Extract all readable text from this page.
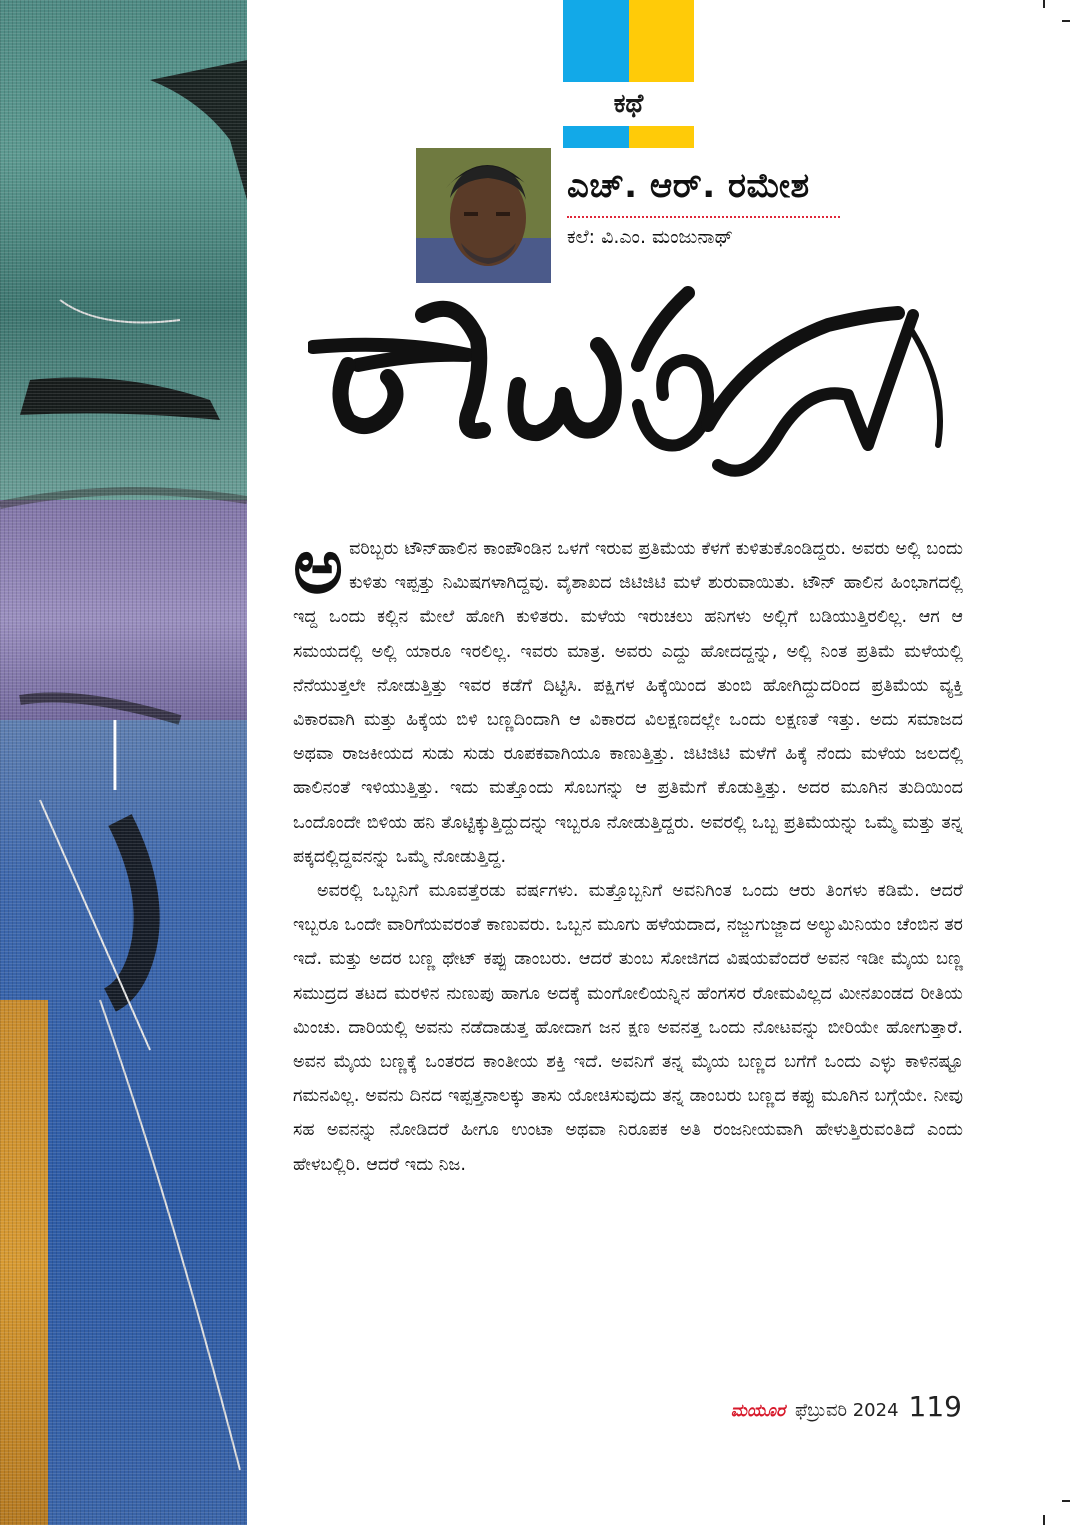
ಕಥೆ
ಎಚ್. ಆರ್. ರಮೇಶ
ಕಲೆ: ವಿ.ಎಂ. ಮಂಜುನಾಥ್

ಅವರಿಬ್ಬರು ಟೌನ್‌ಹಾಲಿನ ಕಾಂಪೌಂಡಿನ ಒಳಗೆ ಇರುವ ಪ್ರತಿಮೆಯ ಕೆಳಗೆ ಕುಳಿತುಕೊಂಡಿದ್ದರು. ಅವರು ಅಲ್ಲಿ ಬಂದು ಕುಳಿತು ಇಪ್ಪತ್ತು ನಿಮಿಷಗಳಾಗಿದ್ದವು. ವೈಶಾಖದ ಜಿಟಿಜಿಟಿ ಮಳೆ ಶುರುವಾಯಿತು. ಟೌನ್ ಹಾಲಿನ ಹಿಂಭಾಗದಲ್ಲಿ ಇದ್ದ ಒಂದು ಕಲ್ಲಿನ ಮೇಲೆ ಹೋಗಿ ಕುಳಿತರು. ಮಳೆಯ ಇರುಚಲು ಹನಿಗಳು ಅಲ್ಲಿಗೆ ಬಡಿಯುತ್ತಿರಲಿಲ್ಲ. ಆಗ ಆ ಸಮಯದಲ್ಲಿ ಅಲ್ಲಿ ಯಾರೂ ಇರಲಿಲ್ಲ. ಇವರು ಮಾತ್ರ. ಅವರು ಎದ್ದು ಹೋದದ್ದನ್ನು, ಅಲ್ಲಿ ನಿಂತ ಪ್ರತಿಮೆ ಮಳೆಯಲ್ಲಿ ನೆನೆಯುತ್ತಲೇ ನೋಡುತ್ತಿತ್ತು ಇವರ ಕಡೆಗೆ ದಿಟ್ಟಿಸಿ. ಪಕ್ಷಿಗಳ ಹಿಕ್ಕೆಯಿಂದ ತುಂಬಿ ಹೋಗಿದ್ದುದರಿಂದ ಪ್ರತಿಮೆಯ ವ್ಯಕ್ತಿ ವಿಕಾರವಾಗಿ ಮತ್ತು ಹಿಕ್ಕೆಯ ಬಿಳಿ ಬಣ್ಣದಿಂದಾಗಿ ಆ ವಿಕಾರದ ವಿಲಕ್ಷಣದಲ್ಲೇ ಒಂದು ಲಕ್ಷಣತೆ ಇತ್ತು. ಅದು ಸಮಾಜದ ಅಥವಾ ರಾಜಕೀಯದ ಸುಡು ಸುಡು ರೂಪಕವಾಗಿಯೂ ಕಾಣುತ್ತಿತ್ತು. ಜಿಟಿಜಿಟಿ ಮಳೆಗೆ ಹಿಕ್ಕೆ ನೆಂದು ಮಳೆಯ ಜಲದಲ್ಲಿ ಹಾಲಿನಂತೆ ಇಳಿಯುತ್ತಿತ್ತು. ಇದು ಮತ್ತೊಂದು ಸೊಬಗನ್ನು ಆ ಪ್ರತಿಮೆಗೆ ಕೊಡುತ್ತಿತ್ತು. ಅದರ ಮೂಗಿನ ತುದಿಯಿಂದ ಒಂದೊಂದೇ ಬಿಳಿಯ ಹನಿ ತೊಟ್ಟಿಕ್ಕುತ್ತಿದ್ದುದನ್ನು ಇಬ್ಬರೂ ನೋಡುತ್ತಿದ್ದರು. ಅವರಲ್ಲಿ ಒಬ್ಬ ಪ್ರತಿಮೆಯನ್ನು ಒಮ್ಮೆ ಮತ್ತು ತನ್ನ ಪಕ್ಕದಲ್ಲಿದ್ದವನನ್ನು ಒಮ್ಮೆ ನೋಡುತ್ತಿದ್ದ.

ಅವರಲ್ಲಿ ಒಬ್ಬನಿಗೆ ಮೂವತ್ತೆರಡು ವರ್ಷಗಳು. ಮತ್ತೊಬ್ಬನಿಗೆ ಅವನಿಗಿಂತ ಒಂದು ಆರು ತಿಂಗಳು ಕಡಿಮೆ. ಆದರೆ ಇಬ್ಬರೂ ಒಂದೇ ವಾರಿಗೆಯವರಂತೆ ಕಾಣುವರು. ಒಬ್ಬನ ಮೂಗು ಹಳೆಯದಾದ, ನಜ್ಜುಗುಜ್ಜಾದ ಅಲ್ಯುಮಿನಿಯಂ ಚೆಂಬಿನ ತರ ಇದೆ. ಮತ್ತು ಅದರ ಬಣ್ಣ ಥೇಟ್ ಕಪ್ಪು ಡಾಂಬರು. ಆದರೆ ತುಂಬ ಸೋಜಿಗದ ವಿಷಯವೆಂದರೆ ಅವನ ಇಡೀ ಮೈಯ ಬಣ್ಣ ಸಮುದ್ರದ ತಟದ ಮರಳಿನ ನುಣುಪು ಹಾಗೂ ಅದಕ್ಕೆ ಮಂಗೋಲಿಯನ್ನಿನ ಹೆಂಗಸರ ರೋಮವಿಲ್ಲದ ಮೀನಖಂಡದ ರೀತಿಯ ಮಿಂಚು. ದಾರಿಯಲ್ಲಿ ಅವನು ನಡೆದಾಡುತ್ತ ಹೋದಾಗ ಜನ ಕ್ಷಣ ಅವನತ್ತ ಒಂದು ನೋಟವನ್ನು ಬೀರಿಯೇ ಹೋಗುತ್ತಾರೆ. ಅವನ ಮೈಯ ಬಣ್ಣಕ್ಕೆ ಒಂತರದ ಕಾಂತೀಯ ಶಕ್ತಿ ಇದೆ. ಅವನಿಗೆ ತನ್ನ ಮೈಯ ಬಣ್ಣದ ಬಗೆಗೆ ಒಂದು ಎಳ್ಳು ಕಾಳಿನಷ್ಟೂ ಗಮನವಿಲ್ಲ. ಅವನು ದಿನದ ಇಪ್ಪತ್ತನಾಲಕ್ಕು ತಾಸು ಯೋಚಿಸುವುದು ತನ್ನ ಡಾಂಬರು ಬಣ್ಣದ ಕಪ್ಪು ಮೂಗಿನ ಬಗ್ಗೆಯೇ. ನೀವು ಸಹ ಅವನನ್ನು ನೋಡಿದರೆ ಹೀಗೂ ಉಂಟಾ ಅಥವಾ ನಿರೂಪಕ ಅತಿ ರಂಜನೀಯವಾಗಿ ಹೇಳುತ್ತಿರುವಂತಿದೆ ಎಂದು ಹೇಳಬಲ್ಲಿರಿ. ಆದರೆ ಇದು ನಿಜ.

ಮಯೂರ ಫೆಬ್ರುವರಿ 2024 119
